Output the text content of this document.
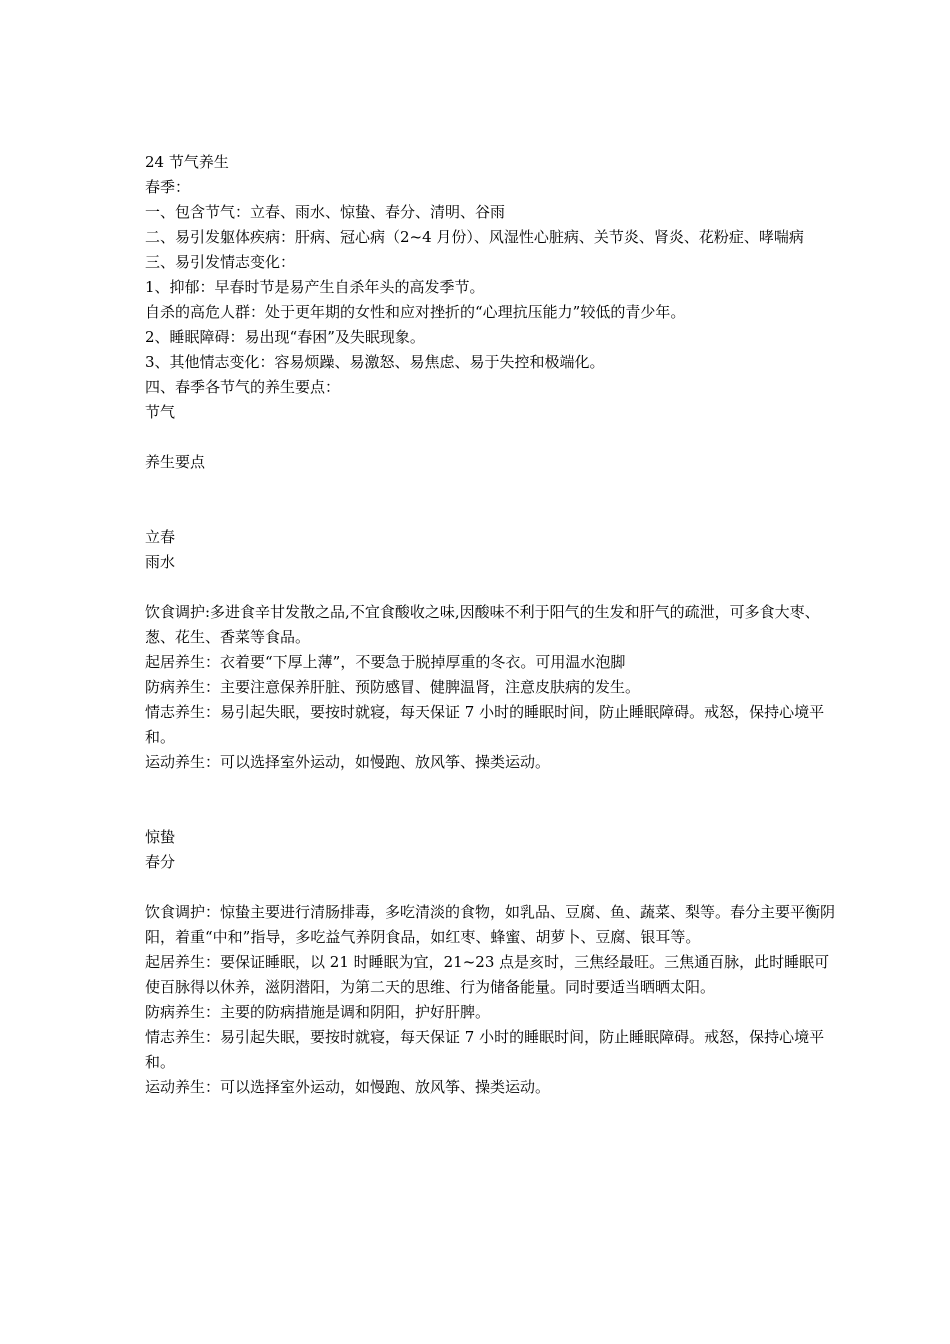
24 节气养生
春季：
一、包含节气：立春、雨水、惊蛰、春分、清明、谷雨
二、易引发躯体疾病：肝病、冠心病（2~4 月份）、风湿性心脏病、关节炎、肾炎、花粉症、哮喘病
三、易引发情志变化：
1、抑郁：早春时节是易产生自杀年头的高发季节。
自杀的高危人群：处于更年期的女性和应对挫折的“心理抗压能力”较低的青少年。
2、睡眠障碍：易出现“春困”及失眠现象。
3、其他情志变化：容易烦躁、易激怒、易焦虑、易于失控和极端化。
四、春季各节气的养生要点：
节气
养生要点
立春
雨水
饮食调护:多进食辛甘发散之品,不宜食酸收之味,因酸味不利于阳气的生发和肝气的疏泄，可多食大枣、葱、花生、香菜等食品。
起居养生：衣着要“下厚上薄”，不要急于脱掉厚重的冬衣。可用温水泡脚
防病养生：主要注意保养肝脏、预防感冒、健脾温肾，注意皮肤病的发生。
情志养生：易引起失眠，要按时就寝，每天保证 7 小时的睡眠时间，防止睡眠障碍。戒怒，保持心境平和。
运动养生：可以选择室外运动，如慢跑、放风筝、操类运动。
惊蛰
春分
饮食调护：惊蛰主要进行清肠排毒，多吃清淡的食物，如乳品、豆腐、鱼、蔬菜、梨等。春分主要平衡阴阳，着重“中和”指导，多吃益气养阴食品，如红枣、蜂蜜、胡萝卜、豆腐、银耳等。
起居养生：要保证睡眠，以 21 时睡眠为宜，21~23 点是亥时，三焦经最旺。三焦通百脉，此时睡眠可使百脉得以休养，滋阴潜阳，为第二天的思维、行为储备能量。同时要适当晒晒太阳。
防病养生：主要的防病措施是调和阴阳，护好肝脾。
情志养生：易引起失眠，要按时就寝，每天保证 7 小时的睡眠时间，防止睡眠障碍。戒怒，保持心境平和。
运动养生：可以选择室外运动，如慢跑、放风筝、操类运动。
